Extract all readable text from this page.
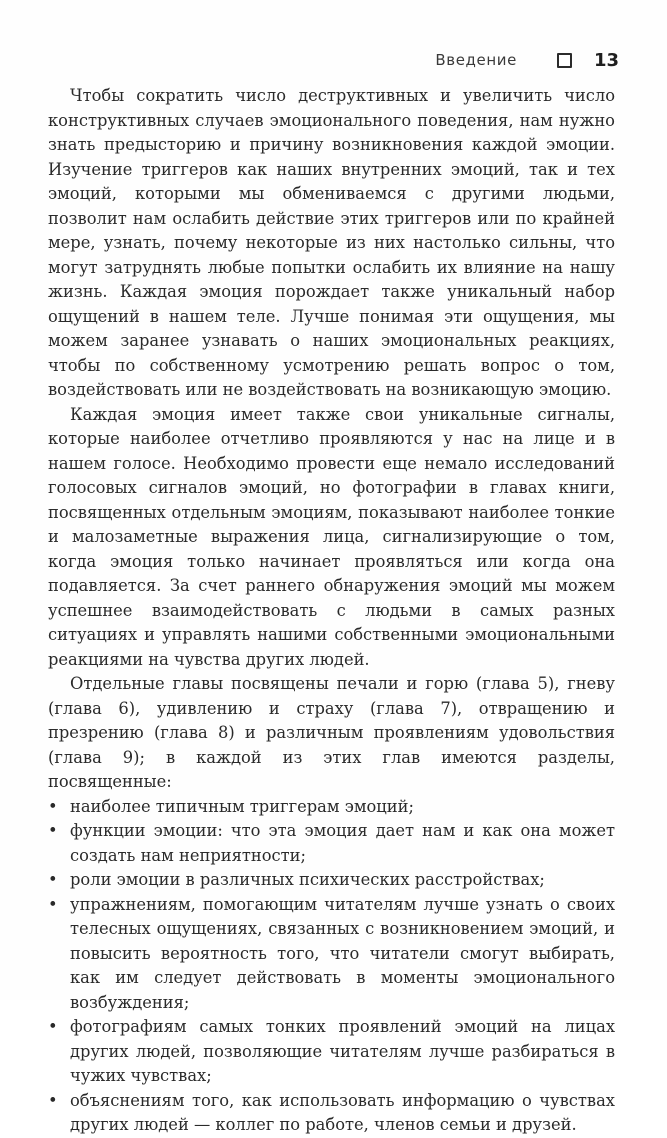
Введение	13

Чтобы сократить число деструктивных и увеличить число конструктивных случаев эмоционального поведения, нам нужно знать предысторию и причину возникновения каждой эмоции. Изучение триггеров как наших внутренних эмоций, так и тех эмоций, которыми мы обмениваемся с другими людьми, позволит нам ослабить действие этих триггеров или по крайней мере, узнать, почему некоторые из них настолько сильны, что могут затруднять любые попытки ослабить их влияние на нашу жизнь. Каждая эмоция порождает также уникальный набор ощущений в нашем теле. Лучше понимая эти ощущения, мы можем заранее узнавать о наших эмоциональных реакциях, чтобы по собственному усмотрению решать вопрос о том, воздействовать или не воздействовать на возникающую эмоцию.

Каждая эмоция имеет также свои уникальные сигналы, которые наиболее отчетливо проявляются у нас на лице и в нашем голосе. Необходимо провести еще немало исследований голосовых сигналов эмоций, но фотографии в главах книги, посвященных отдельным эмоциям, показывают наиболее тонкие и малозаметные выражения лица, сигнализирующие о том, когда эмоция только начинает проявляться или когда она подавляется. За счет раннего обнаружения эмоций мы можем успешнее взаимодействовать с людьми в самых разных ситуациях и управлять нашими собственными эмоциональными реакциями на чувства других людей.

Отдельные главы посвящены печали и горю (глава 5), гневу (глава 6), удивлению и страху (глава 7), отвращению и презрению (глава 8) и различным проявлениям удовольствия (глава 9); в каждой из этих глав имеются разделы, посвященные:

• наиболее типичным триггерам эмоций;
• функции эмоции: что эта эмоция дает нам и как она может создать нам неприятности;
• роли эмоции в различных психических расстройствах;
• упражнениям, помогающим читателям лучше узнать о своих телесных ощущениях, связанных с возникновением эмоций, и повысить вероятность того, что читатели смогут выбирать, как им следует действовать в моменты эмоционального возбуждения;
• фотографиям самых тонких проявлений эмоций на лицах других людей, позволяющие читателям лучше разбираться в чужих чувствах;
• объяснениям того, как использовать информацию о чувствах других людей — коллег по работе, членов семьи и друзей.
